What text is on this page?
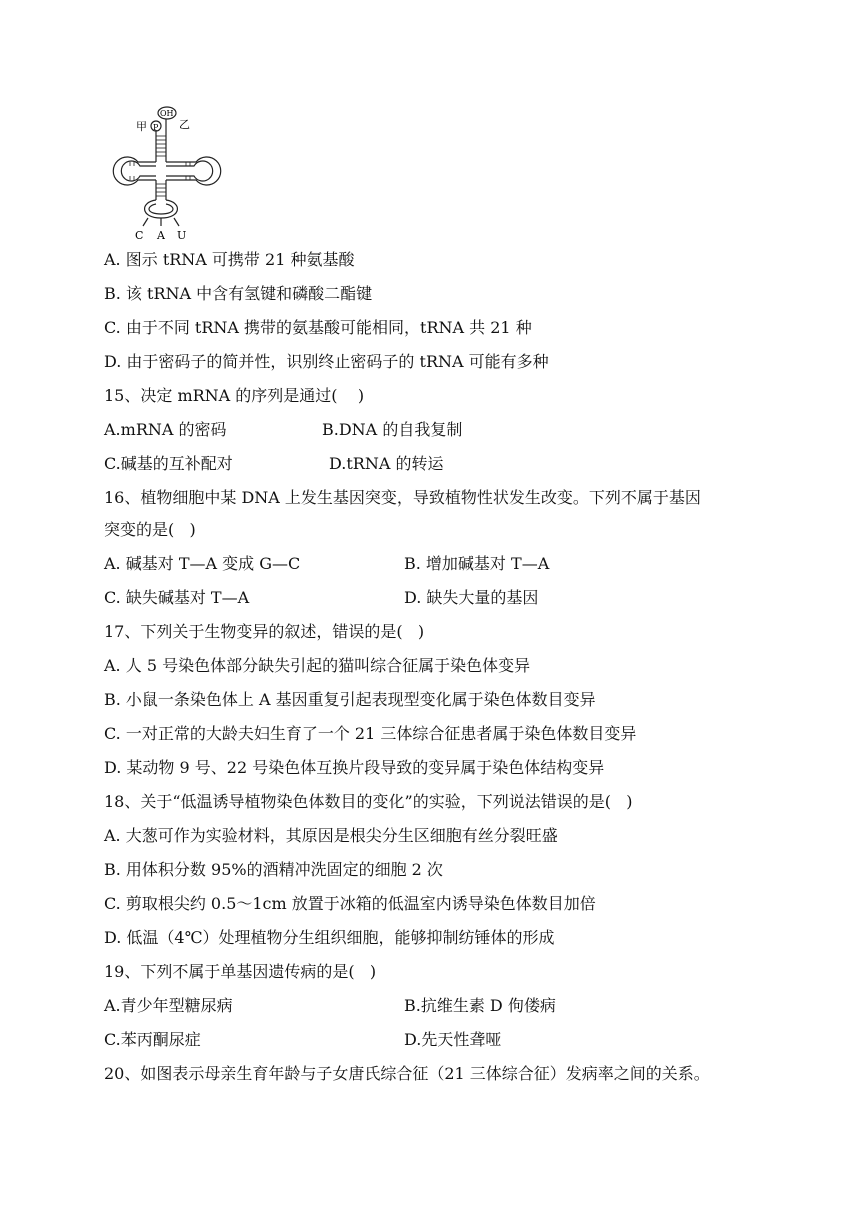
甲 P
OH
乙
C A U
A. 图示 tRNA 可携带 21 种氨基酸
B. 该 tRNA 中含有氢键和磷酸二酯键
C. 由于不同 tRNA 携带的氨基酸可能相同，tRNA 共 21 种
D. 由于密码子的简并性，识别终止密码子的 tRNA 可能有多种
15、决定 mRNA 的序列是通过(    )
A.mRNA 的密码	B.DNA 的自我复制
C.碱基的互补配对	D.tRNA 的转运
16、植物细胞中某 DNA 上发生基因突变，导致植物性状发生改变。下列不属于基因
突变的是(   )
A. 碱基对 T—A 变成 G—C	B. 增加碱基对 T—A
C. 缺失碱基对 T—A	D. 缺失大量的基因
17、下列关于生物变异的叙述，错误的是(   )
A. 人 5 号染色体部分缺失引起的猫叫综合征属于染色体变异
B. 小鼠一条染色体上 A 基因重复引起表现型变化属于染色体数目变异
C. 一对正常的大龄夫妇生育了一个 21 三体综合征患者属于染色体数目变异
D. 某动物 9 号、22 号染色体互换片段导致的变异属于染色体结构变异
18、关于“低温诱导植物染色体数目的变化”的实验，下列说法错误的是(   )
A. 大葱可作为实验材料，其原因是根尖分生区细胞有丝分裂旺盛
B. 用体积分数 95%的酒精冲洗固定的细胞 2 次
C. 剪取根尖约 0.5～1cm 放置于冰箱的低温室内诱导染色体数目加倍
D. 低温（4℃）处理植物分生组织细胞，能够抑制纺锤体的形成
19、下列不属于单基因遗传病的是(   )
A.青少年型糖尿病	B.抗维生素 D 佝偻病
C.苯丙酮尿症	D.先天性聋哑
20、如图表示母亲生育年龄与子女唐氏综合征（21 三体综合征）发病率之间的关系。
